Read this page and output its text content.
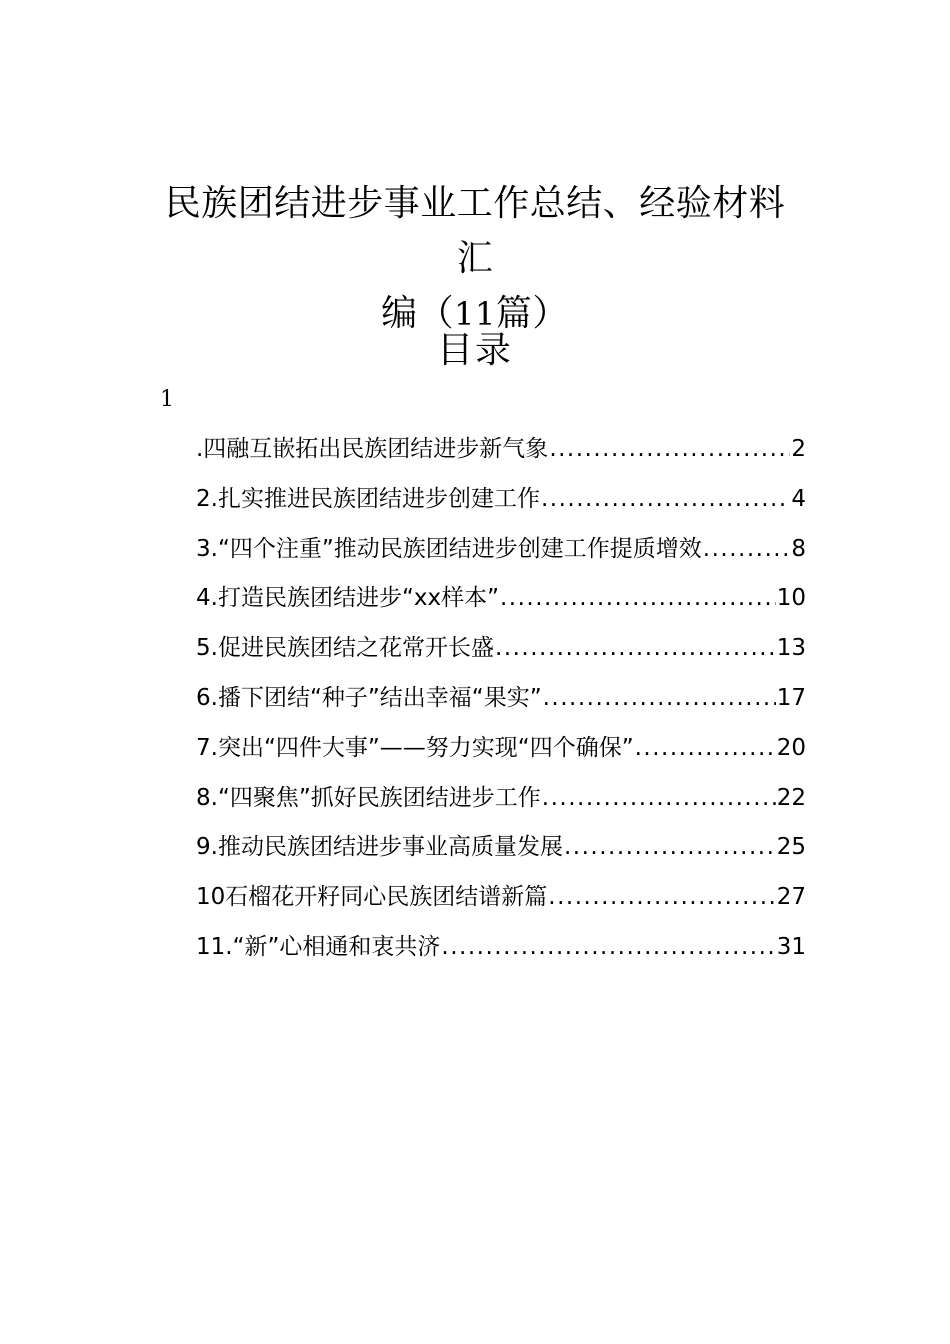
民族团结进步事业工作总结、经验材料汇
编（11篇）
目录
1
.四融互嵌拓出民族团结进步新气象 .....	2
2.扎实推进民族团结进步创建工作 .....	4
3.“四个注重”推动民族团结进步创建工作提质增效 .....	8
4.打造民族团结进步“xx样本” .....	10
5.促进民族团结之花常开长盛 .....	13
6.播下团结“种子”结出幸福“果实” .....	17
7.突出“四件大事”——努力实现“四个确保” .....	20
8.“四聚焦”抓好民族团结进步工作 .....	22
9.推动民族团结进步事业高质量发展 .....	25
10石榴花开籽同心民族团结谱新篇 .....	27
11.“新”心相通和衷共济 .....	31
